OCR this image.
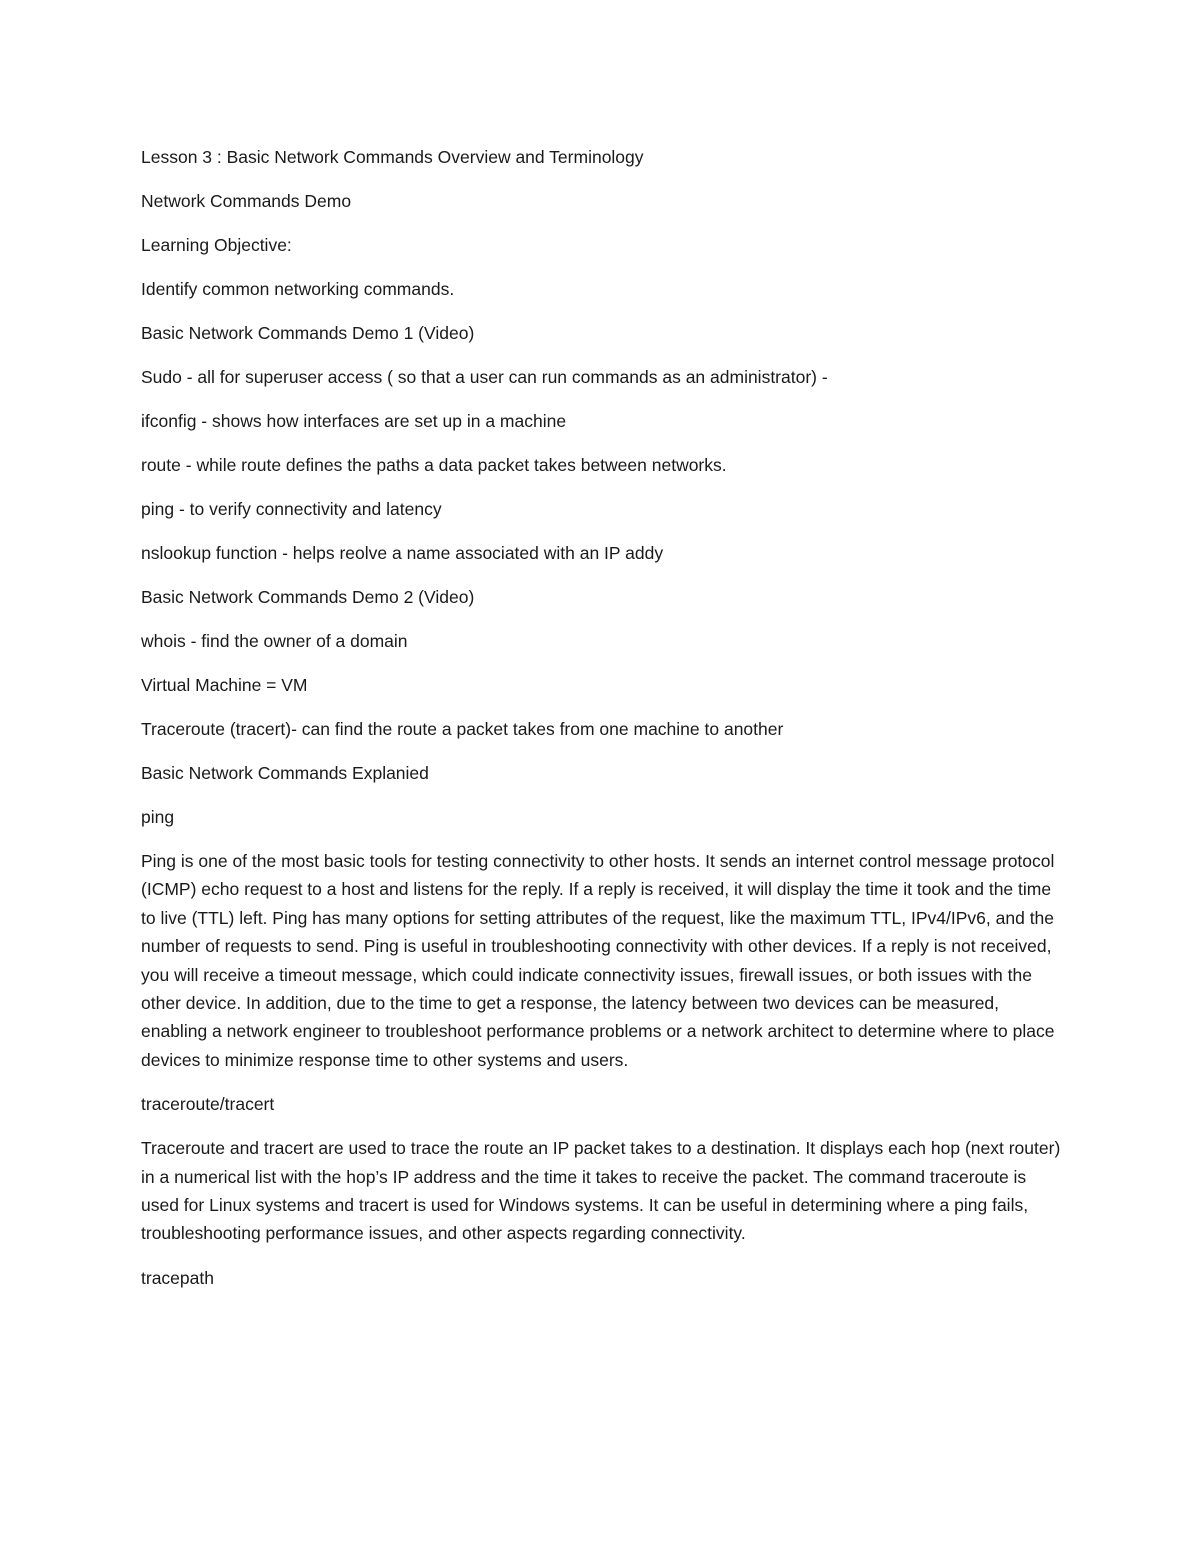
Lesson 3 : Basic Network Commands Overview and Terminology

Network Commands Demo

Learning Objective:

Identify common networking commands.

Basic Network Commands Demo 1 (Video)

Sudo - all for superuser access ( so that a user can run commands as an administrator) -

ifconfig - shows how interfaces are set up in a machine

route - while route defines the paths a data packet takes between networks.

ping - to verify connectivity and latency

nslookup function - helps reolve a name associated with an IP addy

Basic Network Commands Demo 2 (Video)

whois - find the owner of a domain

Virtual Machine = VM

Traceroute (tracert)- can find the route a packet takes from one machine to another

Basic Network Commands Explanied

ping

Ping is one of the most basic tools for testing connectivity to other hosts. It sends an internet control message protocol (ICMP) echo request to a host and listens for the reply. If a reply is received, it will display the time it took and the time to live (TTL) left. Ping has many options for setting attributes of the request, like the maximum TTL, IPv4/IPv6, and the number of requests to send. Ping is useful in troubleshooting connectivity with other devices. If a reply is not received, you will receive a timeout message, which could indicate connectivity issues, firewall issues, or both issues with the other device. In addition, due to the time to get a response, the latency between two devices can be measured, enabling a network engineer to troubleshoot performance problems or a network architect to determine where to place devices to minimize response time to other systems and users.

traceroute/tracert

Traceroute and tracert are used to trace the route an IP packet takes to a destination. It displays each hop (next router) in a numerical list with the hop’s IP address and the time it takes to receive the packet. The command traceroute is used for Linux systems and tracert is used for Windows systems. It can be useful in determining where a ping fails, troubleshooting performance issues, and other aspects regarding connectivity.

tracepath
